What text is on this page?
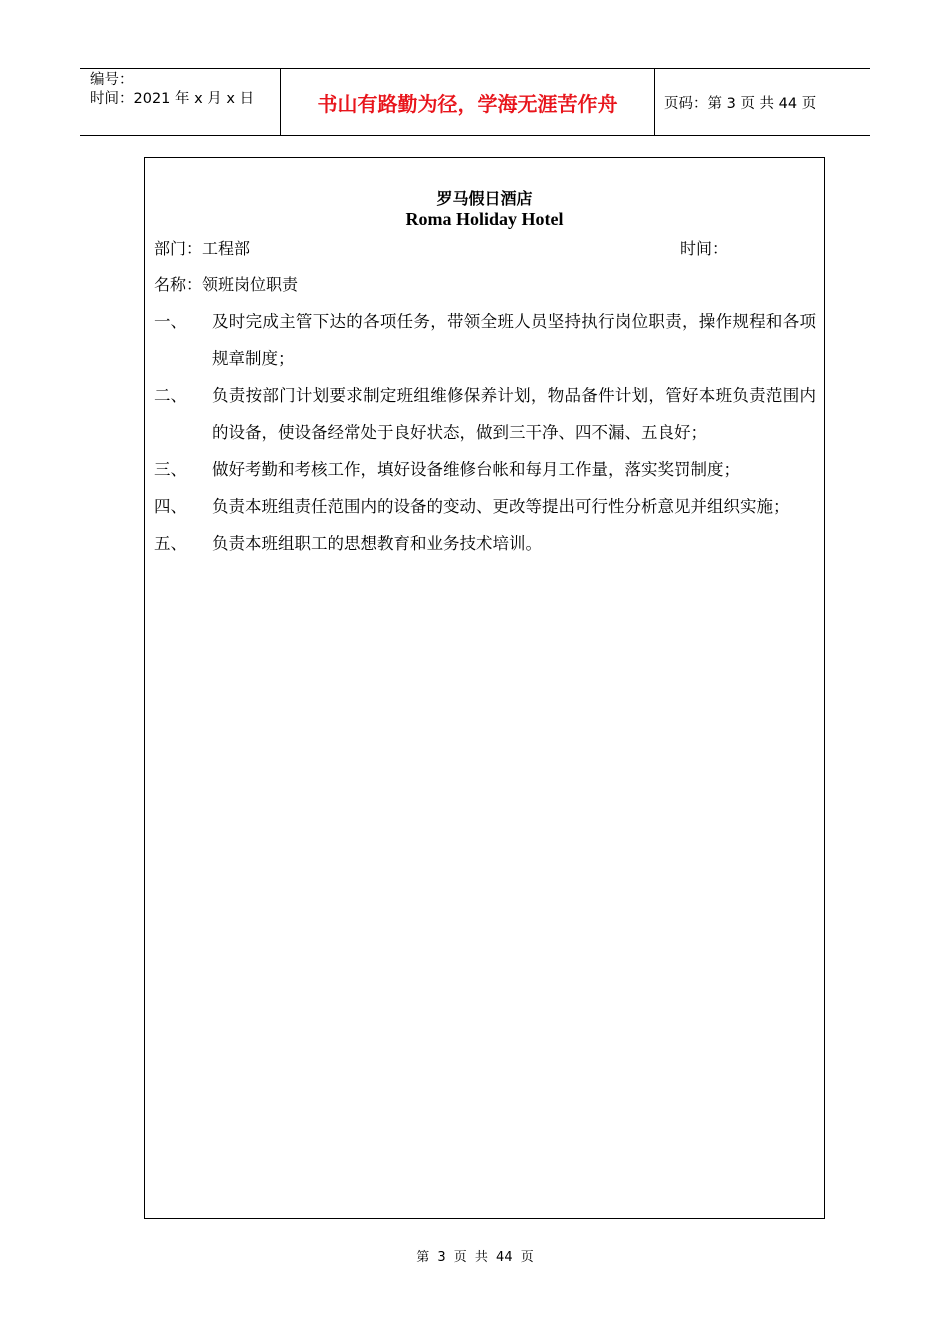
编号：
时间：2021 年 x 月 x 日	书山有路勤为径，学海无涯苦作舟	页码：第 3 页 共 44 页
罗马假日酒店
Roma Holiday Hotel
部门：工程部	时间：
名称：领班岗位职责
一、 及时完成主管下达的各项任务，带领全班人员坚持执行岗位职责，操作规程和各项规章制度；
二、 负责按部门计划要求制定班组维修保养计划，物品备件计划，管好本班负责范围内的设备，使设备经常处于良好状态，做到三干净、四不漏、五良好；
三、 做好考勤和考核工作，填好设备维修台帐和每月工作量，落实奖罚制度；
四、 负责本班组责任范围内的设备的变动、更改等提出可行性分析意见并组织实施；
五、 负责本班组职工的思想教育和业务技术培训。
第 3 页 共 44 页
